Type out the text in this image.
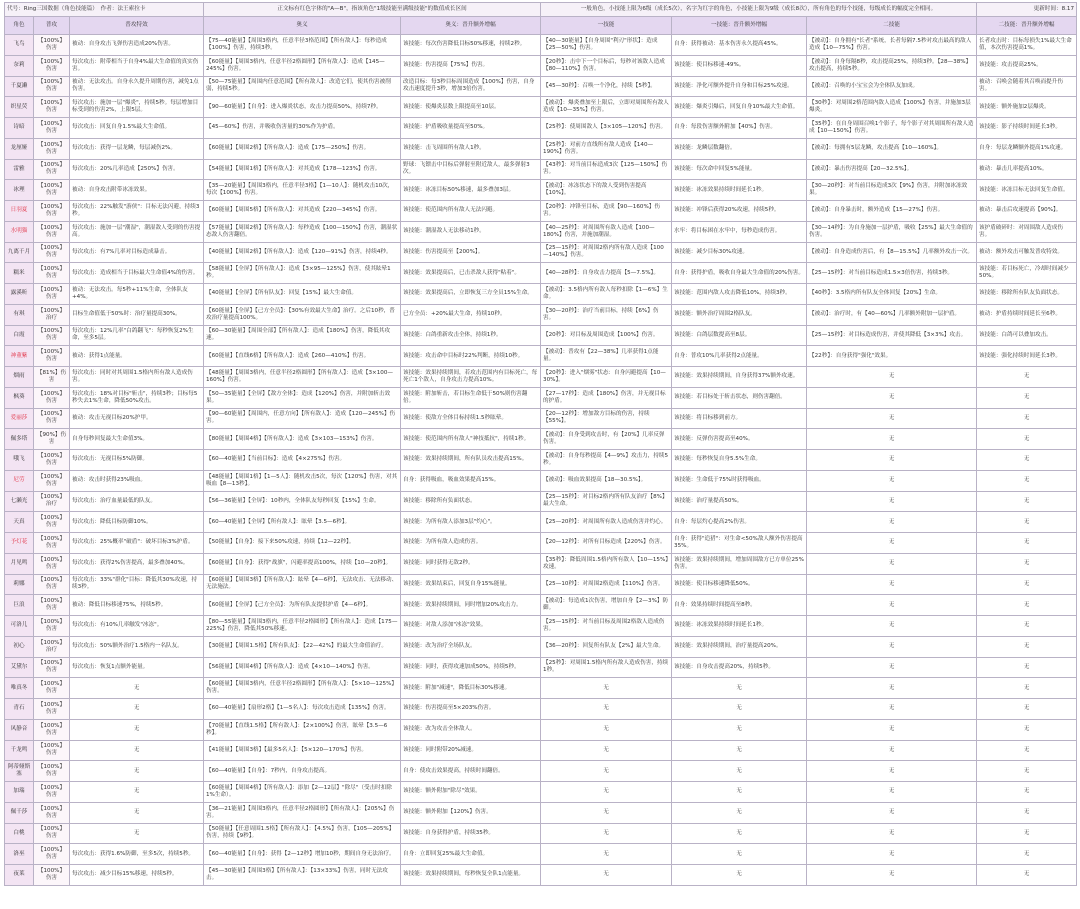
代号：Ring三国数据（角色技能篇）　 作者：法王索拉卡			正文标有红色字体的"A—B"，指该角色"1级技能至满级技能"的数值成长区间		一般角色，小技能上限为6级（成长5次），名字为红字的角色，小技能上限为9级（成长8次），所有角色的每个技能，每级成长的幅度完全相同。			更新时间：8.17
角色	普攻	普攻特效	奥义	奥义：晋升额外增幅	一技能	一技能：晋升额外增幅	二技能	二技能：晋升额外增幅
飞鸟	【100%】伤害	被动：自身攻击飞弹伤害造成20%伤害。	【75—40能量】【周围3格内，任意半径3格范围】【所有敌人】：每秒造成【100%】伤害，持续3秒。	该技能：每次伤害降低目标50%移速，持续2秒。	【40—30能量】【自身周围"利刃"形状】：造成【25—50%】伤害。	自身：获得被动：基本伤害永久提高45%。	【被动】：自身拥有"长者"系统，长者每隔7.5秒对攻击最高的敌人造成【10—75%】伤害。	长者攻击时：目标每损失1%最大生命值，本次伤害提高1%。
奈莉	【100%】伤害	每次攻击：附带相当于自身4%最大生命值的真实伤害。	【60能量】【周围3格内，任意半径2格圆形】【所有敌人】：造成【145—245%】伤害。	该技能：伤害提高【75%】伤害。	【20秒】：击中下一个目标后，每秒对该敌人造成【80—110%】伤害。	该技能：使目标移速-49%。	【被动】：自身每隔8秒，攻击提高25%，持续3秒。【28—38%】攻击提高，持续5秒。	该技能：攻击提高25%。
千夏濑	【100%】伤害	被动：无法攻击。自身永久提升周期伤害，减免1点伤害。	【50—75能量】【周围内任意范围】【所有敌人】：改造它们，使其伤害被削弱，持续5秒。	改造目标：每3秒目标周围造成【100%】伤害，自身攻击速度提升3秒，增加3倍伤害。	【45—30秒】：召唤一个净化，持续【5秒】。	该技能：净化可额外提升自身和目标25%攻速。	【被动】：召唤的小宝宝会为全体队友加成。	被动：召唤会随着其召唤而提升伤害。
织星荧	【100%】伤害	每次攻击：施加一层"爆炎"，持续5秒。每层增加目标受到的伤害2%，上限5层。	【90—60能量】【自身】：进入爆炎状态，攻击力提高50%，持续7秒。	该技能：使爆炎层数上限提高至10层。	【被动】：爆炎叠加至上限后，立即对周围所有敌人造成【10—35%】伤害。	该技能：爆炎引爆后，回复自身10%最大生命值。	【30秒】：对周围2格范围内敌人造成【100%】伤害，并施加3层爆炎。	该技能：额外施加2层爆炎。
诗暗	【100%】伤害	每次攻击：回复自身1.5%最大生命值。	【45—60%】伤害，并吸收伤害量的30%作为护盾。	该技能：护盾吸收量提高至50%。	【25秒】：使周围敌人【3×105—120%】伤害。	自身：每段伤害额外附加【40%】伤害。	【35秒】：在自身周围召唤1个影子，每个影子对其周围所有敌人造成【10—150%】伤害。	该技能：影子持续时间延长3秒。
龙厘娅	【100%】伤害	每次攻击：获得一层龙鳞，每层减伤2%。	【60能量】【周围2格】【所有敌人】：造成【175—250%】伤害。	该技能：击飞周围所有敌人1秒。	【25秒】：对前方直线所有敌人造成【140—190%】伤害。	该技能：龙鳞层数翻倍。	【被动】：每拥有5层龙鳞，攻击提高【10—160%】。	自身：每层龙鳞额外提高1%攻速。
雷雅	【100%】伤害	每次攻击：20%几率造成【250%】伤害。	【54能量】【周围1格】【所有敌人】：对其造成【178—123%】伤害。	野球：飞镖击中目标后弹射至附近敌人，最多弹射3次。	【43秒】：对当前目标造成3次【125—150%】伤害。	该技能：每次命中回复5%能量。	【被动】：暴击伤害提高【20—32.5%】。	被动：暴击几率提高10%。
冰理	【100%】伤害	被动：自身攻击附带冰冻效果。	【35—20能量】【周围3格内，任意半径3格】【1—10人】：随机攻击10次，每次【100%】伤害。	该技能：冰冻目标50%移速，最多叠加3层。	【被动】：冰冻状态下的敌人受到伤害提高【10%】。	该技能：冰冻效果持续时间延长1秒。	【30—20秒】：对当前目标造成3次【9%】伤害，并附加冰冻效果。	该技能：冰冻目标无法回复生命值。
日羽夏	【100%】伤害	每次攻击：22%触发"游侠"：目标无法闪避，持续3秒。	【60能量】【周围5格】【所有敌人】：对其造成【220—345%】伤害。	该技能：使范围内所有敌人无法闪避。	【20秒】：冲锋至目标，造成【90—160%】伤害。	该技能：冲锋后获得20%攻速，持续5秒。	【被动】：自身暴击时，额外造成【15—27%】伤害。	被动：暴击后攻速提高【90%】。
水明猫	【100%】伤害	每次攻击：施加一层"潮湿"，潮湿敌人受到的伤害提高。	【57能量】【周围2格】【所有敌人】：每秒造成【100—150%】伤害，潮湿状态敌人伤害翻倍。	该技能：潮湿敌人无法移动1秒。	【40—25秒】：对周围所有敌人造成【100—180%】伤害，并施加潮湿。	水牢：将目标困在水牢中，每秒造成伤害。	【30—14秒】：为自身施加一层护盾，吸收【25%】最大生命值的伤害。	该护盾破碎时：对周围敌人造成伤害。
九离千月	【100%】伤害	每次攻击：有7%几率对目标造成暴击。	【40能量】【周围2格】【所有敌人】：造成【120—91%】伤害，持续4秒。	该技能：伤害提高至【200%】。	【25—15秒】：对周围2格内所有敌人造成【100—140%】伤害。	该技能：减少目标30%攻速。	【被动】：自身造成伤害后，有【8—15.5%】几率额外攻击一次。	被动：额外攻击可触发普攻特效。
糯米	【100%】伤害	每次攻击：造成相当于目标最大生命值4%的伤害。	【58能量】【全屏】【所有敌人】：造成【3×95—125%】伤害，使其眩晕1秒。	该技能：效果提高后，已击杀敌人获得"粘着"。	【40—28秒】：自身攻击力提高【5—7.5%】。	自身：获得护盾，吸收自身最大生命值的20%伤害。	【25—15秒】：对当前目标造成1.5×3倍伤害，持续3秒。	该技能：若目标死亡，冷却时间减少50%。
露溪昕	【100%】伤害	被动：无法攻击。每5秒+11%生命，全体队友+4%。	【40能量】【全屏】【所有队友】：回复【15%】最大生命值。	该技能：效果提高后，立即恢复三方全员15%生命。	【被动】：3.5格内所有敌人每秒扣除【1—6%】生命。	该技能：范围内敌人攻击降低10%，持续3秒。	【40秒】：3.5格内所有队友全体回复【20%】生命。	该技能：移除所有队友负面状态。
有琪	【100%】治疗	目标生命值低于50%时：治疗量提高30%。	【60能量】【全屏】【己方全员】：【30%有效最大生命】治疗。之后10秒，普攻治疗量提高100%。	已方全员：+20%最大生命，持续10秒。	【30—20秒】：治疗当前目标，持续【6%】伤害。	该技能：额外治疗周围2格队友。	【被动】：治疗时，有【40—60%】几率额外附加一层护盾。	被动：护盾持续时间延长至6秒。
白霞	【100%】伤害	每次攻击：12%几率"白鸽翻飞"：每秒恢复2%生命，至多5层。	【60—30能量】【周围全部】【所有敌人】：造成【180%】伤害，降低其攻速。	该技能：白鸽重新攻击全体，持续1秒。	【20秒】：对目标及周围造成【100%】伤害。	该技能：白鸽层数提高至8层。	【25—15秒】：对目标造成伤害，并使其降低【3×3%】攻击。	该技能：白鸽可以叠加攻击。
神董紫	【100%】伤害	被动：获得1点能量。	【60能量】【直线6格】【所有敌人】：造成【260—410%】伤害。	该技能：攻击命中目标时22%判断，持续10秒。	【被动】：普攻有【22—38%】几率获得1点能量。	自身：普攻10%几率获得2点能量。	【22秒】：自身获得"强化"效果。	该技能：强化持续时间延长3秒。
烟雨	【81%】伤害	每次攻击：同时对其周围1.5格内所有敌人造成伤害。	【48能量】【周围3格内，任意半径2格圆形】【所有敌人】：造成【3×100—160%】伤害。	该技能：效果持续期间，若攻击范围内有目标死亡，每死亡1个敌人，自身攻击力提高10%。	【20秒】：进入"烟雾"状态：自身闪避提高【10—30%】。	该技能：效果持续期间，自身获得37%额外攻速。	无	无
枫葵	【100%】伤害	每次攻击：18%对目标"斩击"，持续3秒；目标每5秒失去1%生命，降低50%攻击。	【50—35能量】【全屏】【敌方全体】：造成【120%】伤害，并附加斩击效果。	该技能：附加斩击，若目标生命低于50%则伤害翻倍。	【27—17秒】：造成【180%】伤害，并无视目标的护盾。	该技能：若目标处于斩击状态，则伤害翻倍。	无	无
爱丽莎	【100%】伤害	被动：攻击无视目标20%护甲。	【90—60能量】【周围内，任意方向】【所有敌人】：造成【120—245%】伤害。	该技能：使敌方全体目标持续1.5秒眩晕。	【20—12秒】：增加敌方目标的伤害，持续【55%】。	该技能：将目标移到前方。	无	无
佩多塔	【90%】伤害	自身每秒回复最大生命值3%。	【80能量】【周围4格】【所有敌人】：造成【3×103—153%】伤害。	该技能：使范围内所有敌人"神技抵抗"，持续1秒。	【被动】：自身受到攻击时，有【20%】几率反弹伤害。	该技能：反弹伤害提高至40%。	无	无
哦飞	【100%】伤害	每次攻击：无视目标5%防御。	【60—40能量】【当前目标】：造成【4×275%】伤害。	该技能：效果持续期间，所有队员攻击提高15%。	【被动】：自身每秒提高【4—9%】攻击力，持续5秒。	该技能：每秒恢复自身5.5%生命。	无	无
尼劳	【100%】伤害	被动：攻击时获得23%吸血。	【48能量】【周围1格】【1—5人】：随机攻击5次，每次【120%】伤害，对其吸血【8—13秒】。	自身：获得吸血，吸血效果提高15%。	【被动】：吸血效果提高【18—30.5%】。	该技能：生命低于75%时获得吸血。	无	无
七濑光	【100%】治疗	每次攻击：治疗血量最低的队友。	【56—36能量】【全屏】：10秒内，全体队友每秒回复【15%】生命。	该技能：移除所有负面状态。	【25—15秒】：对目标2格内所有队友治疗【8%】最大生命。	该技能：治疗量提高50%。	无	无
天真	【100%】伤害	每次攻击：降低目标防御10%。	【60—40能量】【全屏】【所有敌人】：眩晕【3.5—6秒】。	该技能：为所有敌人添加3层"灼心"。	【25—20秒】：对周围所有敌人造成伤害并灼心。	自身：每层灼心提高2%伤害。	无	无
予灯花	【100%】伤害	每次攻击：25%概率"破盾"：破坏目标3%护盾。	【50能量】【自身】：接下来50%攻速，持续【12—22秒】。	该技能：为所有敌人造成伤害。	【20—12秒】：对所有目标造成【220%】伤害。	自身：获得"追猎"：对生命<50%敌人额外伤害提高35%。	无	无
月见鸣	【100%】伤害	每次攻击：获得2%伤害提高，最多叠加40%。	【60能量】【自身】：获得"战旗"，闪避率提高100%，持续【10—20秒】。	该技能：同时获得无敌2秒。	【35秒】：降低周围1.5格内所有敌人【10—15%】攻速。	该技能：效果持续期间，增加周围敌方已方单位25%伤害。	无	无
莉娜	【100%】伤害	每次攻击：33%"群化"目标：降低其30%攻速，持续3秒。	【60能量】【周围3格】【所有敌人】：眩晕【4—6秒】，无法攻击、无法移动、无法施法。	该技能：效果结束后，回复自身15%能量。	【25—10秒】：对周围2格造成【110%】伤害。	该技能：使目标移速降低50%。	无	无
巨浪	【100%】伤害	被动：降低目标移速75%，持续5秒。	【60能量】【全屏】【己方全员】：为所有队友提供护盾【4—6秒】。	该技能：效果持续期间，同时增加20%攻击力。	【被动】：每造成1次伤害，增加自身【2—3%】防御。	自身：效果持续时间提高至8秒。	无	无
可洛儿	【100%】伤害	每次攻击：有10%几率触发"冰冻"。	【80—55能量】【周围3格内，任意半径2格圆形】【所有敌人】：造成【175—225%】伤害，降低其50%移速。	该技能：对敌人添加"冰冻"效果。	【25—15秒】：对当前目标及周围2格敌人造成伤害。	该技能：冰冻效果持续时间延长1秒。	无	无
初心	【100%】治疗	每次攻击：50%额外治疗1.5格内一名队友。	【30能量】【周围1.5格】【所有队友】：【22—42%】的最大生命值治疗。	该技能：改为治疗全场队友。	【36—20秒】：回复所有队友【2%】最大生命。	该技能：效果持续期间，治疗量提高20%。	无	无
艾黛尔	【100%】伤害	每次攻击：恢复1点额外能量。	【56能量】【周围4格】【所有敌人】：造成【4×10—140%】伤害。	该技能：同时，获得攻速加成50%，持续5秒。	【25秒】：对周围1.5格内所有敌人造成伤害，持续1秒。	该技能：自身攻击提高20%，持续5秒。	无	无
唯真冬	【100%】伤害	无	【60能量】【周围3格内，任意半径2格圆形】【所有敌人】：【5×10—125%】伤害。	该技能：附加"减速"，降低目标30%移速。	无	无	无	无
青石	【100%】伤害	无	【60—40能量】【扇形2格】【1—5名人】：每次攻击造成【135%】伤害。	该技能：伤害提高至5×203%伤害。	无	无	无	无
风静音	【100%】伤害	无	【70能量】【直线1.5格】【所有敌人】：【2×100%】伤害，眩晕【3.5—6秒】。	该技能：改为攻击全体敌人。	无	无	无	无
千龙鸣	【100%】伤害	无	【41能量】【周围3格】【最多5名人】：【5×120—170%】伤害。	该技能：同时附带20%减速。	无	无	无	无
阿蒂娅斯塞	【100%】伤害	无	【60—40能量】【自身】：7秒内，自身攻击提高。	自身：使攻击效果提高，持续时间翻倍。	无	无	无	无
加瑞	【100%】伤害	无	【60能量】【周围4格】【所有敌人】：添加【2—12层】"除尽"（受击时扣除1%生命）。	该技能：额外附加"除尽"效果。	无	无	无	无
佩千莎	【100%】伤害	无	【36—21能量】【周围3格内，任意半径2格圆形】【所有敌人】：【205%】伤害。	该技能：额外附加【120%】伤害。	无	无	无	无
白桃	【100%】伤害	无	【50能量】【任意周围1.5格】【所有敌人】：【4.5%】伤害，【105—205%】伤害，持续【9秒】。	该技能：自身获得护盾，持续35秒。	无	无	无	无
洛巫	【100%】伤害	每次攻击：获得1.6%防御，至多5次，持续5秒。	【60—40能量】【自身】：获得【2—12秒】增加10秒，期间自身无法治疗。	自身：立即回复25%最大生命值。	无	无	无	无
夜莱	【100%】伤害	每次攻击：减少目标15%移速，持续5秒。	【45—30能量】【周围3格】【所有敌人】：【13×33%】伤害，同时无法攻击。	该技能：效果持续期间，每秒恢复全队1点能量。	无	无	无	无
